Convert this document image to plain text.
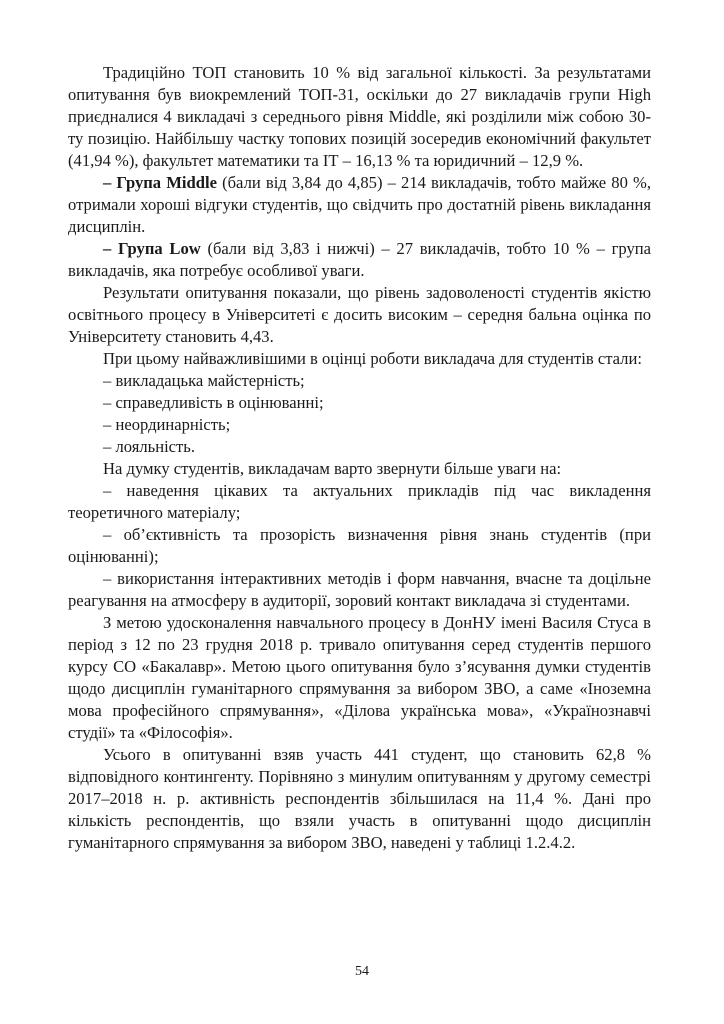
Традиційно ТОП становить 10 % від загальної кількості. За результатами опитування був виокремлений ТОП-31, оскільки до 27 викладачів групи High приєдналися 4 викладачі з середнього рівня Middle, які розділили між собою 30-ту позицію. Найбільшу частку топових позицій зосередив економічний факультет (41,94 %), факультет математики та ІТ – 16,13 % та юридичний – 12,9 %.

– Група Middle (бали від 3,84 до 4,85) – 214 викладачів, тобто майже 80 %, отримали хороші відгуки студентів, що свідчить про достатній рівень викладання дисциплін.

– Група Low (бали від 3,83 і нижчі) – 27 викладачів, тобто 10 % – група викладачів, яка потребує особливої уваги.

Результати опитування показали, що рівень задоволеності студентів якістю освітнього процесу в Університеті є досить високим – середня бальна оцінка по Університету становить 4,43.

При цьому найважливішими в оцінці роботи викладача для студентів стали:

– викладацька майстерність;

– справедливість в оцінюванні;

– неординарність;

– лояльність.

На думку студентів, викладачам варто звернути більше уваги на:

– наведення цікавих та актуальних прикладів під час викладення теоретичного матеріалу;

– об’єктивність та прозорість визначення рівня знань студентів (при оцінюванні);

– використання інтерактивних методів і форм навчання, вчасне та доцільне реагування на атмосферу в аудиторії, зоровий контакт викладача зі студентами.

З метою удосконалення навчального процесу в ДонНУ імені Василя Стуса в період з 12 по 23 грудня 2018 р. тривало опитування серед студентів першого курсу СО «Бакалавр». Метою цього опитування було з’ясування думки студентів щодо дисциплін гуманітарного спрямування за вибором ЗВО, а саме «Іноземна мова професійного спрямування», «Ділова українська мова», «Українознавчі студії» та «Філософія».

Усього в опитуванні взяв участь 441 студент, що становить 62,8 % відповідного контингенту. Порівняно з минулим опитуванням у другому семестрі 2017–2018 н. р. активність респондентів збільшилася на 11,4 %. Дані про кількість респондентів, що взяли участь в опитуванні щодо дисциплін гуманітарного спрямування за вибором ЗВО, наведені у таблиці 1.2.4.2.

54
